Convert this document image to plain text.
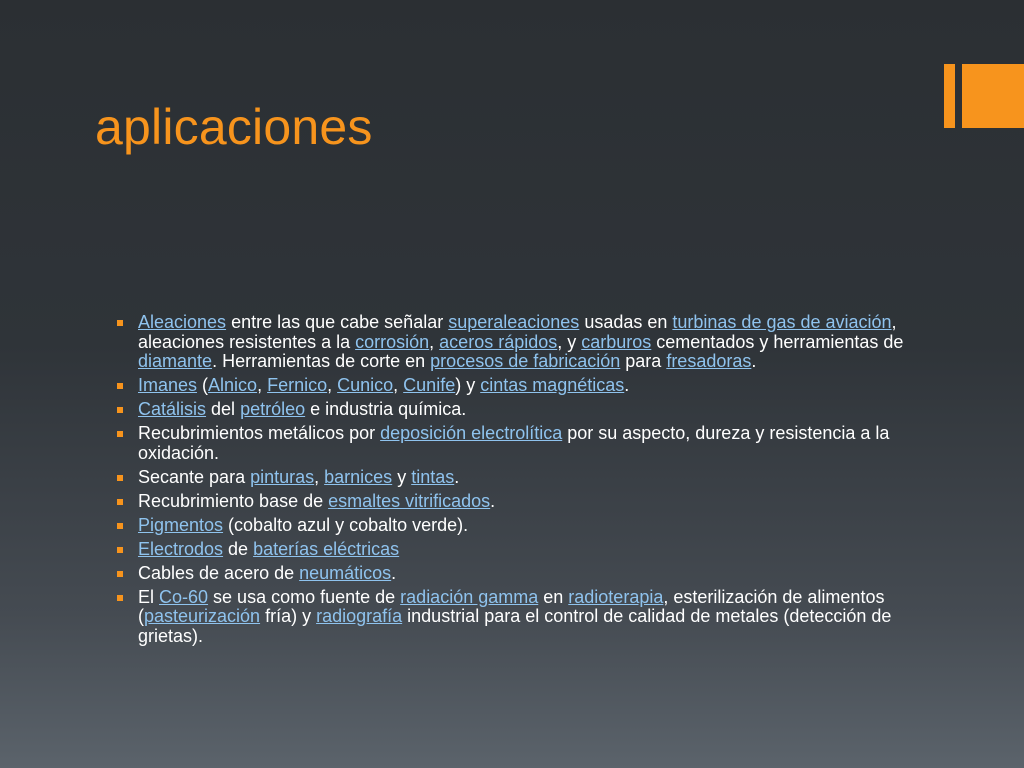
aplicaciones
Aleaciones entre las que cabe señalar superaleaciones usadas en turbinas de gas de aviación, aleaciones resistentes a la corrosión, aceros rápidos, y carburos cementados y herramientas de diamante. Herramientas de corte en procesos de fabricación para fresadoras.
Imanes (Alnico, Fernico, Cunico, Cunife) y cintas magnéticas.
Catálisis del petróleo e industria química.
Recubrimientos metálicos por deposición electrolítica por su aspecto, dureza y resistencia a la oxidación.
Secante para pinturas, barnices y tintas.
Recubrimiento base de esmaltes vitrificados.
Pigmentos (cobalto azul y cobalto verde).
Electrodos de baterías eléctricas
Cables de acero de neumáticos.
El Co-60 se usa como fuente de radiación gamma en radioterapia, esterilización de alimentos (pasteurización fría) y radiografía industrial para el control de calidad de metales (detección de grietas).
